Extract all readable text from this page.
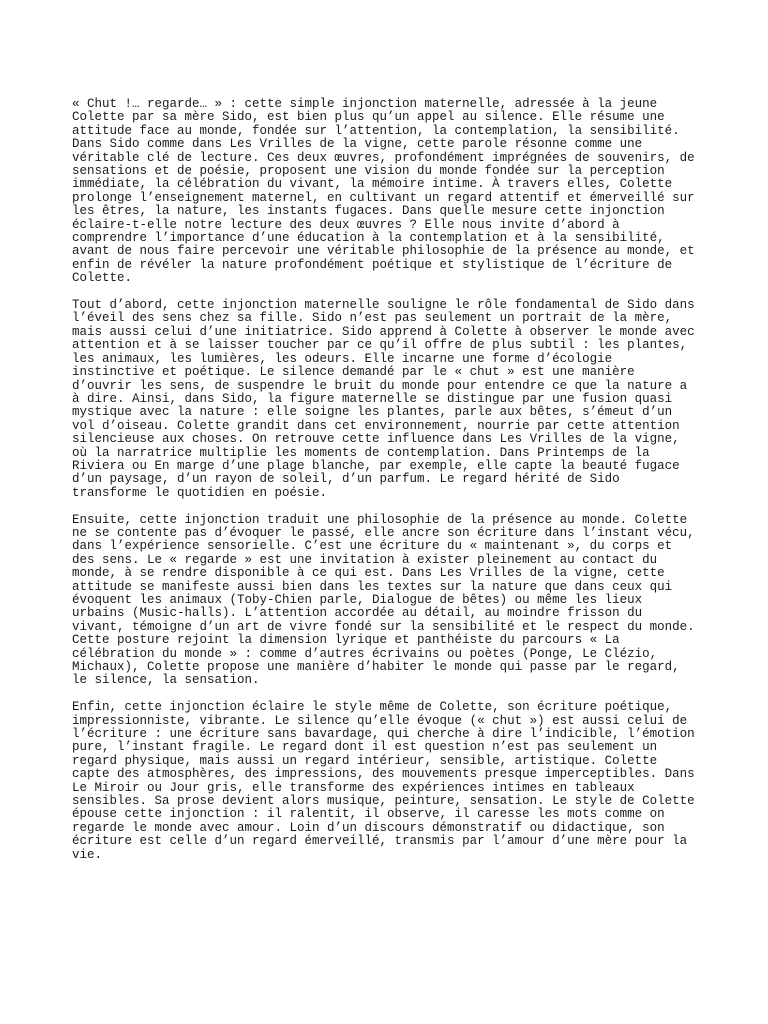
« Chut !… regarde… » : cette simple injonction maternelle, adressée à la jeune
Colette par sa mère Sido, est bien plus qu’un appel au silence. Elle résume une
attitude face au monde, fondée sur l’attention, la contemplation, la sensibilité.
Dans Sido comme dans Les Vrilles de la vigne, cette parole résonne comme une
véritable clé de lecture. Ces deux œuvres, profondément imprégnées de souvenirs, de
sensations et de poésie, proposent une vision du monde fondée sur la perception
immédiate, la célébration du vivant, la mémoire intime. À travers elles, Colette
prolonge l’enseignement maternel, en cultivant un regard attentif et émerveillé sur
les êtres, la nature, les instants fugaces. Dans quelle mesure cette injonction
éclaire-t-elle notre lecture des deux œuvres ? Elle nous invite d’abord à
comprendre l’importance d’une éducation à la contemplation et à la sensibilité,
avant de nous faire percevoir une véritable philosophie de la présence au monde, et
enfin de révéler la nature profondément poétique et stylistique de l’écriture de
Colette.
Tout d’abord, cette injonction maternelle souligne le rôle fondamental de Sido dans
l’éveil des sens chez sa fille. Sido n’est pas seulement un portrait de la mère,
mais aussi celui d’une initiatrice. Sido apprend à Colette à observer le monde avec
attention et à se laisser toucher par ce qu’il offre de plus subtil : les plantes,
les animaux, les lumières, les odeurs. Elle incarne une forme d’écologie
instinctive et poétique. Le silence demandé par le « chut » est une manière
d’ouvrir les sens, de suspendre le bruit du monde pour entendre ce que la nature a
à dire. Ainsi, dans Sido, la figure maternelle se distingue par une fusion quasi
mystique avec la nature : elle soigne les plantes, parle aux bêtes, s’émeut d’un
vol d’oiseau. Colette grandit dans cet environnement, nourrie par cette attention
silencieuse aux choses. On retrouve cette influence dans Les Vrilles de la vigne,
où la narratrice multiplie les moments de contemplation. Dans Printemps de la
Riviera ou En marge d’une plage blanche, par exemple, elle capte la beauté fugace
d’un paysage, d’un rayon de soleil, d’un parfum. Le regard hérité de Sido
transforme le quotidien en poésie.
Ensuite, cette injonction traduit une philosophie de la présence au monde. Colette
ne se contente pas d’évoquer le passé, elle ancre son écriture dans l’instant vécu,
dans l’expérience sensorielle. C’est une écriture du « maintenant », du corps et
des sens. Le « regarde » est une invitation à exister pleinement au contact du
monde, à se rendre disponible à ce qui est. Dans Les Vrilles de la vigne, cette
attitude se manifeste aussi bien dans les textes sur la nature que dans ceux qui
évoquent les animaux (Toby-Chien parle, Dialogue de bêtes) ou même les lieux
urbains (Music-halls). L’attention accordée au détail, au moindre frisson du
vivant, témoigne d’un art de vivre fondé sur la sensibilité et le respect du monde.
Cette posture rejoint la dimension lyrique et panthéiste du parcours « La
célébration du monde » : comme d’autres écrivains ou poètes (Ponge, Le Clézio,
Michaux), Colette propose une manière d’habiter le monde qui passe par le regard,
le silence, la sensation.
Enfin, cette injonction éclaire le style même de Colette, son écriture poétique,
impressionniste, vibrante. Le silence qu’elle évoque (« chut ») est aussi celui de
l’écriture : une écriture sans bavardage, qui cherche à dire l’indicible, l’émotion
pure, l’instant fragile. Le regard dont il est question n’est pas seulement un
regard physique, mais aussi un regard intérieur, sensible, artistique. Colette
capte des atmosphères, des impressions, des mouvements presque imperceptibles. Dans
Le Miroir ou Jour gris, elle transforme des expériences intimes en tableaux
sensibles. Sa prose devient alors musique, peinture, sensation. Le style de Colette
épouse cette injonction : il ralentit, il observe, il caresse les mots comme on
regarde le monde avec amour. Loin d’un discours démonstratif ou didactique, son
écriture est celle d’un regard émerveillé, transmis par l’amour d’une mère pour la
vie.
